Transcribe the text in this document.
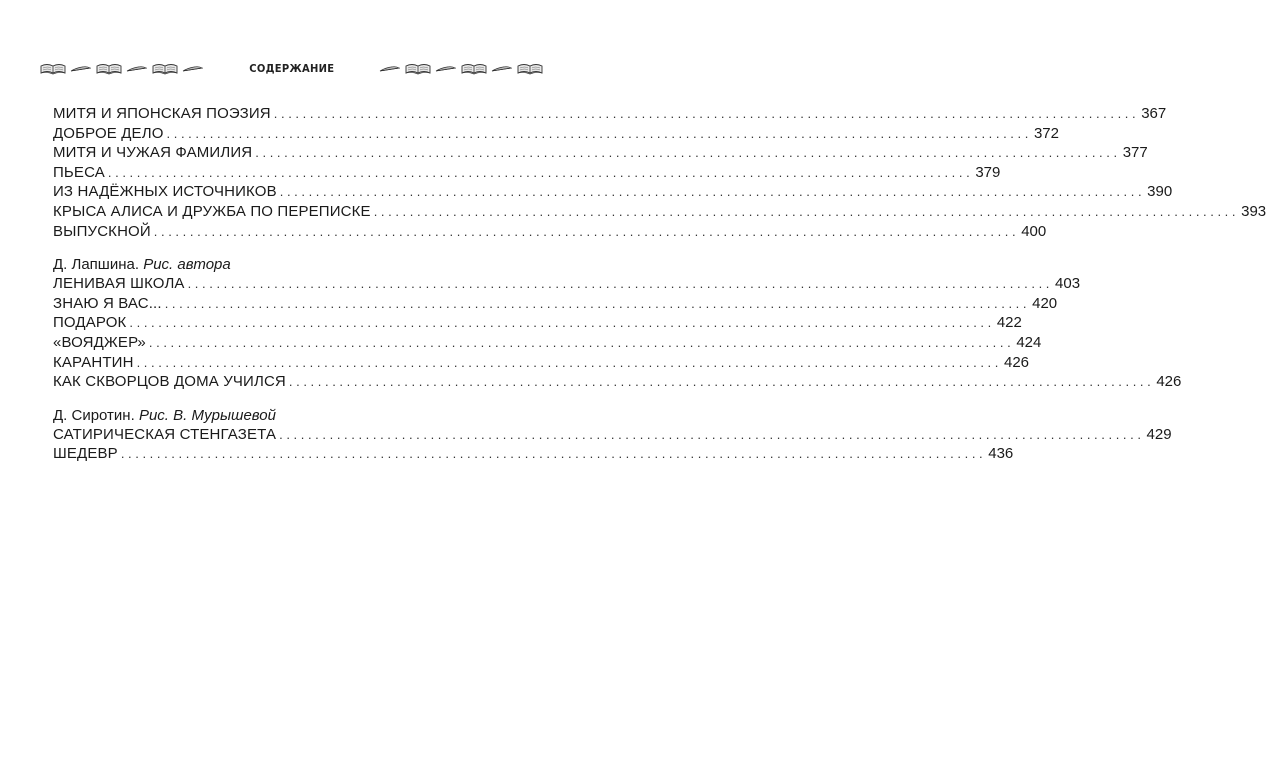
СОДЕРЖАНИЕ
МИТЯ И ЯПОНСКАЯ ПОЭЗИЯ ........................................................................................................................ 367
ДОБРОЕ ДЕЛО ........................................................................................................................ 372
МИТЯ И ЧУЖАЯ ФАМИЛИЯ ........................................................................................................................ 377
ПЬЕСА ........................................................................................................................ 379
ИЗ НАДЁЖНЫХ ИСТОЧНИКОВ ........................................................................................................................ 390
КРЫСА АЛИСА И ДРУЖБА ПО ПЕРЕПИСКЕ ........................................................................................................................ 393
ВЫПУСКНОЙ ........................................................................................................................ 400
Д. Лапшина. Рис. автора
ЛЕНИВАЯ ШКОЛА ........................................................................................................................ 403
ЗНАЮ Я ВАС... ........................................................................................................................ 420
ПОДАРОК ........................................................................................................................ 422
«ВОЯДЖЕР» ........................................................................................................................ 424
КАРАНТИН ........................................................................................................................ 426
КАК СКВОРЦОВ ДОМА УЧИЛСЯ ........................................................................................................................ 426
Д. Сиротин. Рис. В. Мурышевой
САТИРИЧЕСКАЯ СТЕНГАЗЕТА ........................................................................................................................ 429
ШЕДЕВР ........................................................................................................................ 436
